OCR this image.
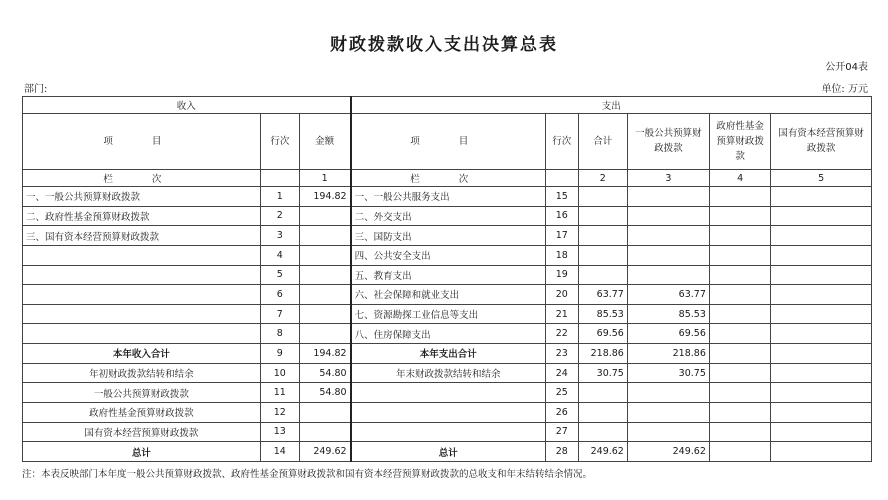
财政拨款收入支出决算总表
公开04表
部门:	单位: 万元
收入			支出					
项 目	行次	金额	项 目	行次	合计	一般公共预算财政拨款	政府性基金预算财政拨款	国有资本经营预算财政拨款
栏 次		1	栏 次		2	3	4	5
一、一般公共预算财政拨款	1	194.82	一、一般公共服务支出	15				
二、政府性基金预算财政拨款	2		二、外交支出	16				
三、国有资本经营预算财政拨款	3		三、国防支出	17				
	4		四、公共安全支出	18				
	5		五、教育支出	19				
	6		六、社会保障和就业支出	20	63.77	63.77		
	7		七、资源勘探工业信息等支出	21	85.53	85.53		
	8		八、住房保障支出	22	69.56	69.56		
本年收入合计	9	194.82	本年支出合计	23	218.86	218.86		
年初财政拨款结转和结余	10	54.80	年末财政拨款结转和结余	24	30.75	30.75		
一般公共预算财政拨款	11	54.80		25				
政府性基金预算财政拨款	12			26				
国有资本经营预算财政拨款	13			27				
总计	14	249.62	总计	28	249.62	249.62		
注：本表反映部门本年度一般公共预算财政拨款、政府性基金预算财政拨款和国有资本经营预算财政拨款的总收支和年末结转结余情况。
